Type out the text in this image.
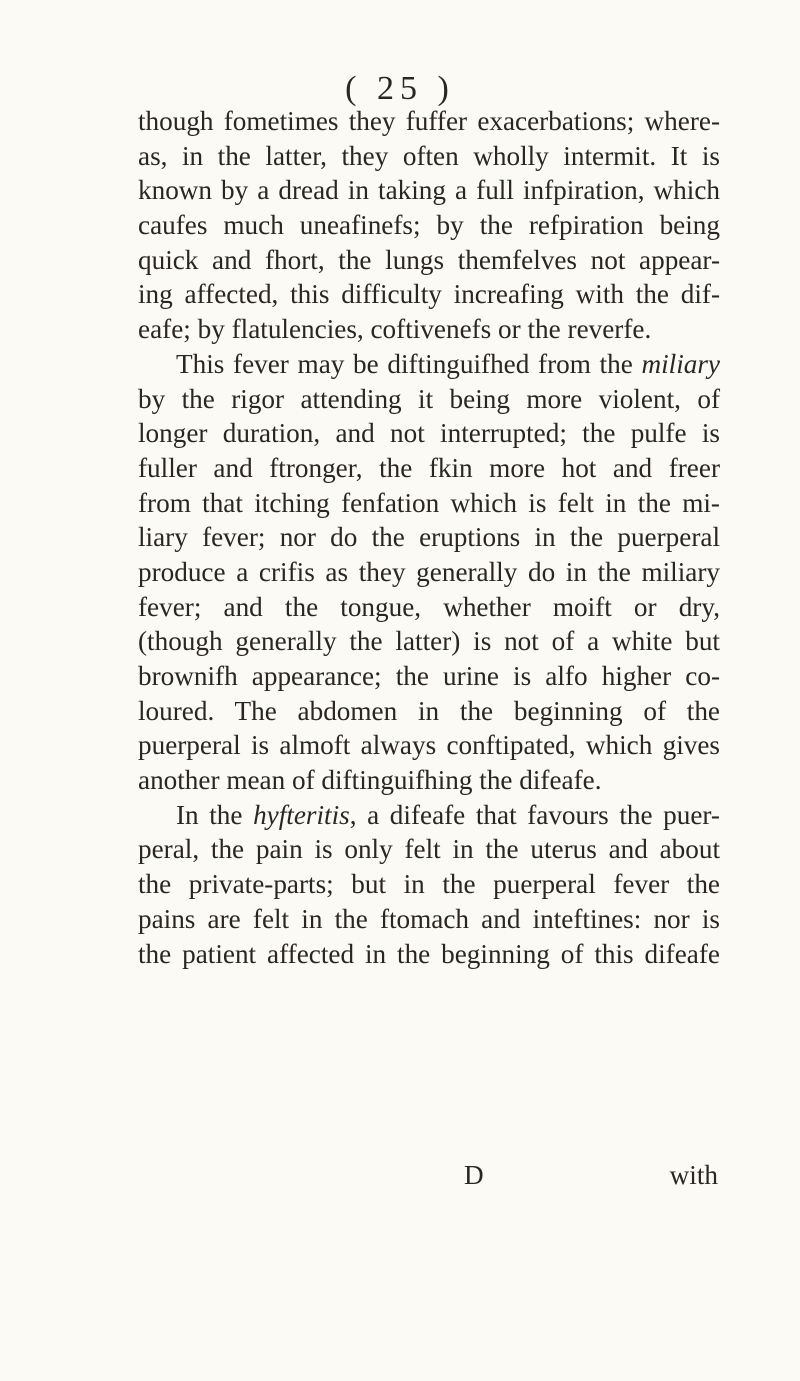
( 25 )
though fometimes they fuffer exacerbations; where-
as, in the latter, they often wholly intermit. It is
known by a dread in taking a full infpiration, which
caufes much uneafinefs; by the refpiration being
quick and fhort, the lungs themfelves not appear-
ing affected, this difficulty increafing with the dif-
eafe; by flatulencies, coftivenefs or the reverfe.
This fever may be diftinguifhed from the miliary
by the rigor attending it being more violent, of
longer duration, and not interrupted; the pulfe is
fuller and ftronger, the fkin more hot and freer
from that itching fenfation which is felt in the mi-
liary fever; nor do the eruptions in the puerperal
produce a crifis as they generally do in the miliary
fever; and the tongue, whether moift or dry,
(though generally the latter) is not of a white but
brownifh appearance; the urine is alfo higher co-
loured. The abdomen in the beginning of the
puerperal is almoft always conftipated, which gives
another mean of diftinguifhing the difeafe.
In the hyfteritis, a difeafe that favours the puer-
peral, the pain is only felt in the uterus and about
the private-parts; but in the puerperal fever the
pains are felt in the ftomach and inteftines: nor is
the patient affected in the beginning of this difeafe
D	with
